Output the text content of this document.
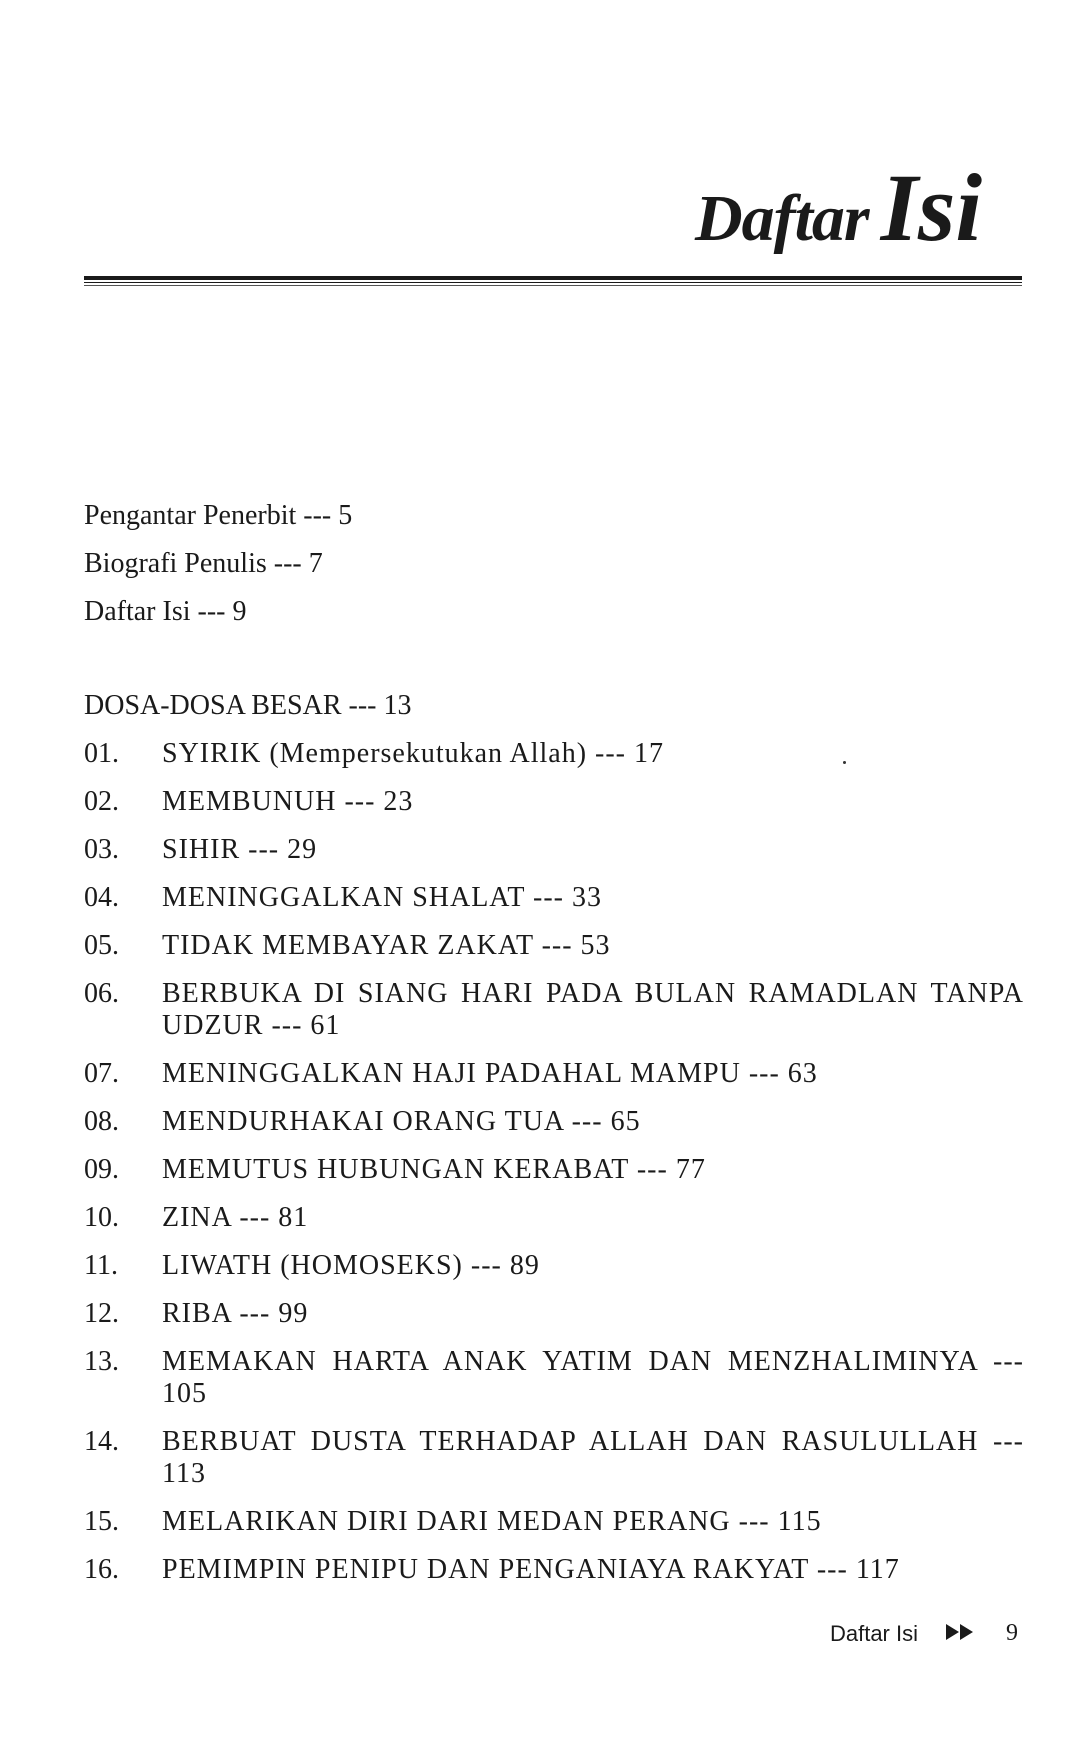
Daftar Isi
Pengantar Penerbit --- 5
Biografi Penulis --- 7
Daftar Isi --- 9
DOSA-DOSA BESAR --- 13
01.	SYIRIK (Mempersekutukan Allah) --- 17
02.	MEMBUNUH --- 23
03.	SIHIR --- 29
04.	MENINGGALKAN SHALAT --- 33
05.	TIDAK MEMBAYAR ZAKAT --- 53
06.	BERBUKA DI SIANG HARI PADA BULAN RAMADLAN TANPA UDZUR --- 61
07.	MENINGGALKAN HAJI PADAHAL MAMPU --- 63
08.	MENDURHAKAI ORANG TUA --- 65
09.	MEMUTUS HUBUNGAN KERABAT --- 77
10.	ZINA --- 81
11.	LIWATH (HOMOSEKS) --- 89
12.	RIBA --- 99
13.	MEMAKAN HARTA ANAK YATIM DAN MENZHALIMINYA --- 105
14.	BERBUAT DUSTA TERHADAP ALLAH DAN RASULULLAH --- 113
15.	MELARIKAN DIRI DARI MEDAN PERANG --- 115
16.	PEMIMPIN PENIPU DAN PENGANIAYA RAKYAT --- 117
Daftar Isi	9
